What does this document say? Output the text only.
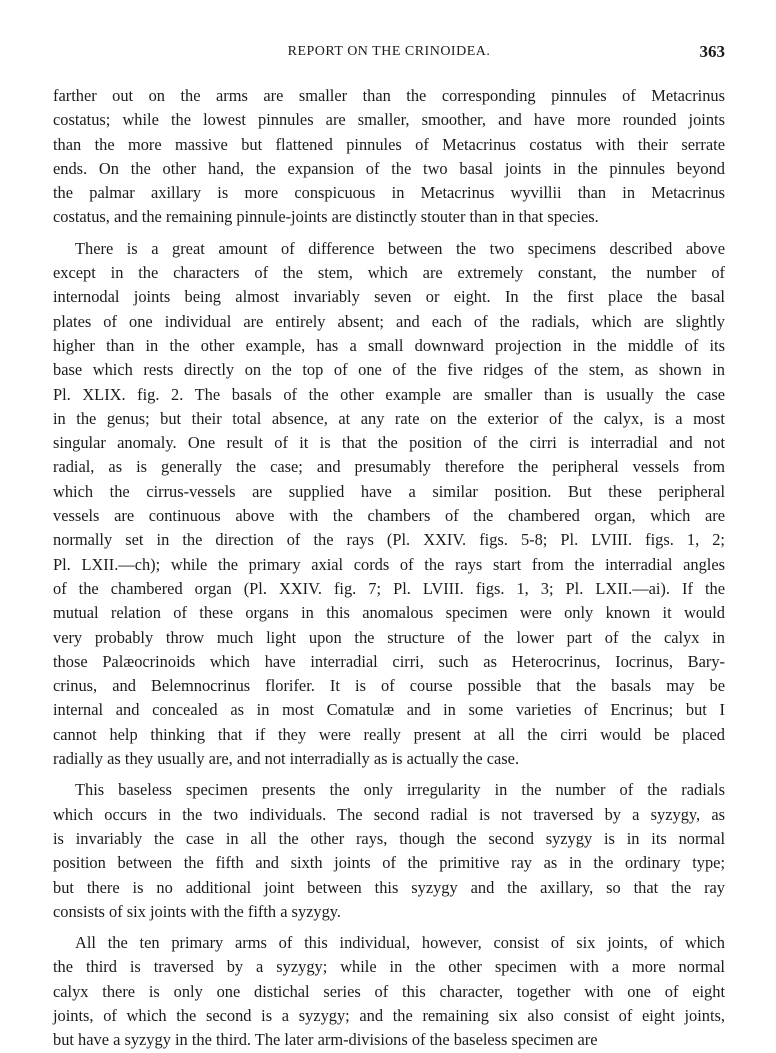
REPORT ON THE CRINOIDEA.	363
farther out on the arms are smaller than the corresponding pinnules of Metacrinus
costatus; while the lowest pinnules are smaller, smoother, and have more rounded joints
than the more massive but flattened pinnules of Metacrinus costatus with their serrate
ends. On the other hand, the expansion of the two basal joints in the pinnules beyond
the palmar axillary is more conspicuous in Metacrinus wyvillii than in Metacrinus
costatus, and the remaining pinnule-joints are distinctly stouter than in that species.
There is a great amount of difference between the two specimens described above
except in the characters of the stem, which are extremely constant, the number of
internodal joints being almost invariably seven or eight. In the first place the basal
plates of one individual are entirely absent; and each of the radials, which are slightly
higher than in the other example, has a small downward projection in the middle of its
base which rests directly on the top of one of the five ridges of the stem, as shown in
Pl. XLIX. fig. 2. The basals of the other example are smaller than is usually the case
in the genus; but their total absence, at any rate on the exterior of the calyx, is a most
singular anomaly. One result of it is that the position of the cirri is interradial and not
radial, as is generally the case; and presumably therefore the peripheral vessels from
which the cirrus-vessels are supplied have a similar position. But these peripheral
vessels are continuous above with the chambers of the chambered organ, which are
normally set in the direction of the rays (Pl. XXIV. figs. 5-8; Pl. LVIII. figs. 1, 2;
Pl. LXII.—ch); while the primary axial cords of the rays start from the interradial angles
of the chambered organ (Pl. XXIV. fig. 7; Pl. LVIII. figs. 1, 3; Pl. LXII.—ai). If the
mutual relation of these organs in this anomalous specimen were only known it would
very probably throw much light upon the structure of the lower part of the calyx in
those Palæocrinoids which have interradial cirri, such as Heterocrinus, Iocrinus, Bary-
crinus, and Belemnocrinus florifer. It is of course possible that the basals may be
internal and concealed as in most Comatulæ and in some varieties of Encrinus; but I
cannot help thinking that if they were really present at all the cirri would be placed
radially as they usually are, and not interradially as is actually the case.
This baseless specimen presents the only irregularity in the number of the radials
which occurs in the two individuals. The second radial is not traversed by a syzygy, as
is invariably the case in all the other rays, though the second syzygy is in its normal
position between the fifth and sixth joints of the primitive ray as in the ordinary type;
but there is no additional joint between this syzygy and the axillary, so that the ray
consists of six joints with the fifth a syzygy.
All the ten primary arms of this individual, however, consist of six joints, of which
the third is traversed by a syzygy; while in the other specimen with a more normal
calyx there is only one distichal series of this character, together with one of eight
joints, of which the second is a syzygy; and the remaining six also consist of eight joints,
but have a syzygy in the third. The later arm-divisions of the baseless specimen are
